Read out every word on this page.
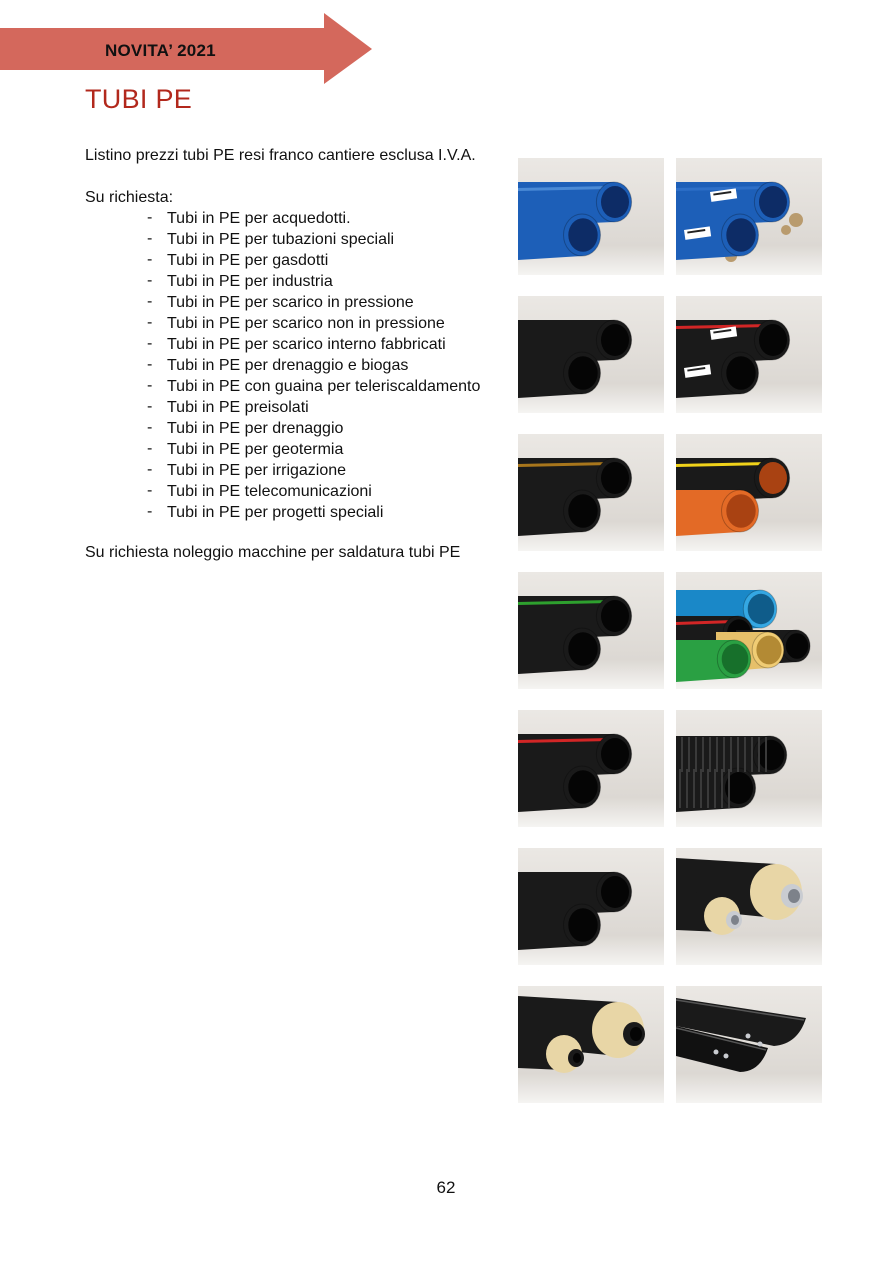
NOVITA’ 2021
TUBI PE
Listino prezzi tubi PE resi franco cantiere esclusa I.V.A.
Su richiesta:
- Tubi in PE per acquedotti.
- Tubi in PE per tubazioni speciali
- Tubi in PE per gasdotti
- Tubi in PE per industria
- Tubi in PE per scarico in pressione
- Tubi in PE per scarico non in pressione
- Tubi in PE per scarico interno fabbricati
- Tubi in PE per drenaggio e biogas
- Tubi in PE con guaina per teleriscaldamento
- Tubi in PE preisolati
- Tubi in PE per drenaggio
- Tubi in PE per geotermia
- Tubi in PE per irrigazione
- Tubi in PE telecomunicazioni
- Tubi in PE per progetti speciali
Su richiesta noleggio macchine per saldatura tubi PE
62
